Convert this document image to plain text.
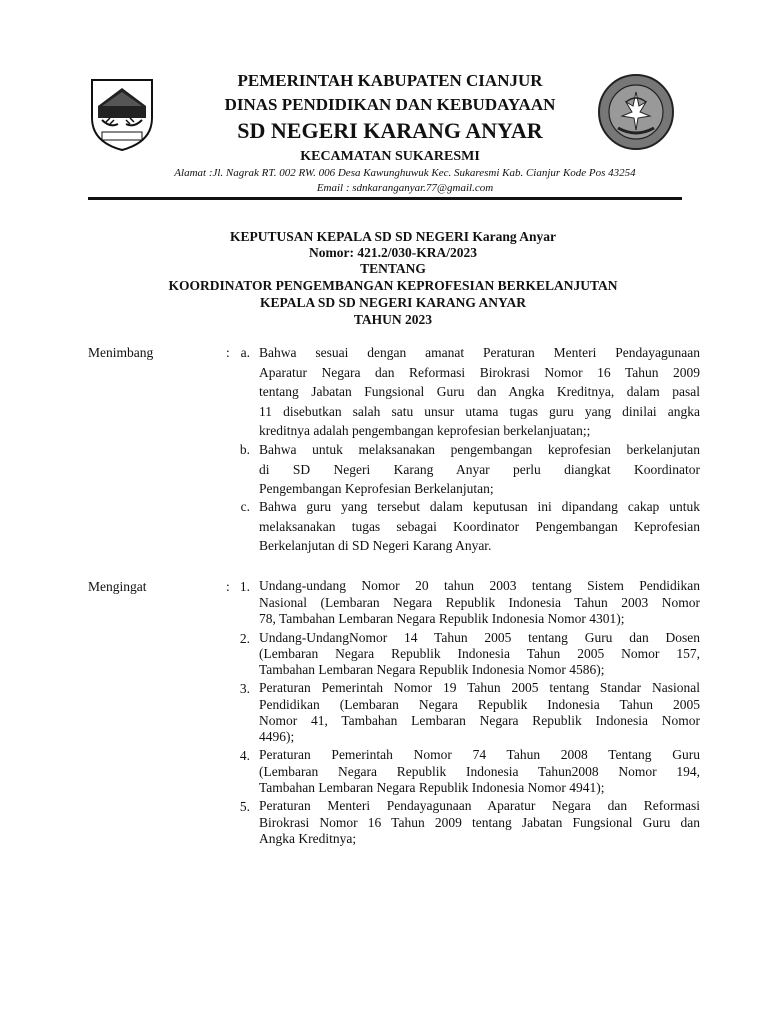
PEMERINTAH KABUPATEN CIANJUR
DINAS PENDIDIKAN DAN KEBUDAYAAN
SD NEGERI KARANG ANYAR
KECAMATAN SUKARESMI
Alamat :Jl. Nagrak RT. 002 RW. 006 Desa Kawunghuwuk Kec. Sukaresmi Kab. Cianjur Kode Pos 43254
Email : sdnkaranganyar.77@gmail.com
KEPUTUSAN KEPALA SD SD NEGERI Karang Anyar
Nomor: 421.2/030-KRA/2023
TENTANG
KOORDINATOR PENGEMBANGAN KEPROFESIAN BERKELANJUTAN
KEPALA SD SD NEGERI KARANG ANYAR
TAHUN 2023
Menimbang	: a. Bahwa sesuai dengan amanat Peraturan Menteri Pendayagunaan
Aparatur Negara dan Reformasi Birokrasi Nomor 16 Tahun 2009
tentang Jabatan Fungsional Guru dan Angka Kreditnya, dalam pasal
11 disebutkan salah satu unsur utama tugas guru yang dinilai angka
kreditnya adalah pengembangan keprofesian berkelanjuatan;;
b. Bahwa untuk melaksanakan pengembangan keprofesian berkelanjutan
di SD Negeri Karang Anyar perlu diangkat Koordinator
Pengembangan Keprofesian Berkelanjutan;
c. Bahwa guru yang tersebut dalam keputusan ini dipandang cakap untuk
melaksanakan tugas sebagai Koordinator Pengembangan Keprofesian
Berkelanjutan di SD Negeri Karang Anyar.
Mengingat	: 1. Undang-undang Nomor 20 tahun 2003 tentang Sistem Pendidikan
Nasional (Lembaran Negara Republik Indonesia Tahun 2003 Nomor
78, Tambahan Lembaran Negara Republik Indonesia Nomor 4301);
2. Undang-UndangNomor 14 Tahun 2005 tentang Guru dan Dosen
(Lembaran Negara Republik Indonesia Tahun 2005 Nomor 157,
Tambahan Lembaran Negara Republik Indonesia Nomor 4586);
3. Peraturan Pemerintah Nomor 19 Tahun 2005 tentang Standar Nasional
Pendidikan (Lembaran Negara Republik Indonesia Tahun 2005
Nomor 41, Tambahan Lembaran Negara Republik Indonesia Nomor
4496);
4. Peraturan Pemerintah Nomor 74 Tahun 2008 Tentang Guru
(Lembaran Negara Republik Indonesia Tahun2008 Nomor 194,
Tambahan Lembaran Negara Republik Indonesia Nomor 4941);
5. Peraturan Menteri Pendayagunaan Aparatur Negara dan Reformasi
Birokrasi Nomor 16 Tahun 2009 tentang Jabatan Fungsional Guru dan
Angka Kreditnya;
